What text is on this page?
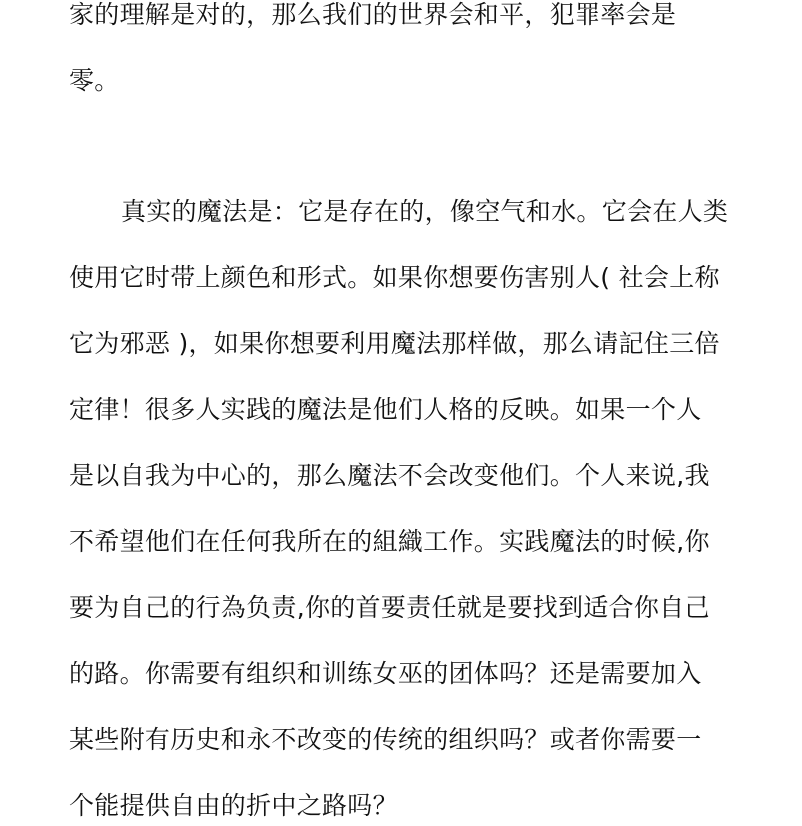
家的理解是对的，那么我们的世界会和平，犯罪率会是
零。
真实的魔法是：它是存在的，像空气和水。它会在人类
使用它时带上颜色和形式。如果你想要伤害别人( 社会上称
它为邪恶 )，如果你想要利用魔法那样做，那么请記住三倍
定律！很多人实践的魔法是他们人格的反映。如果一个人
是以自我为中心的，那么魔法不会改变他们。个人来说,我
不希望他们在任何我所在的組織工作。实践魔法的时候,你
要为自己的行為负责,你的首要责任就是要找到适合你自己
的路。你需要有组织和训练女巫的团体吗？还是需要加入
某些附有历史和永不改变的传统的组织吗？或者你需要一
个能提供自由的折中之路吗？
